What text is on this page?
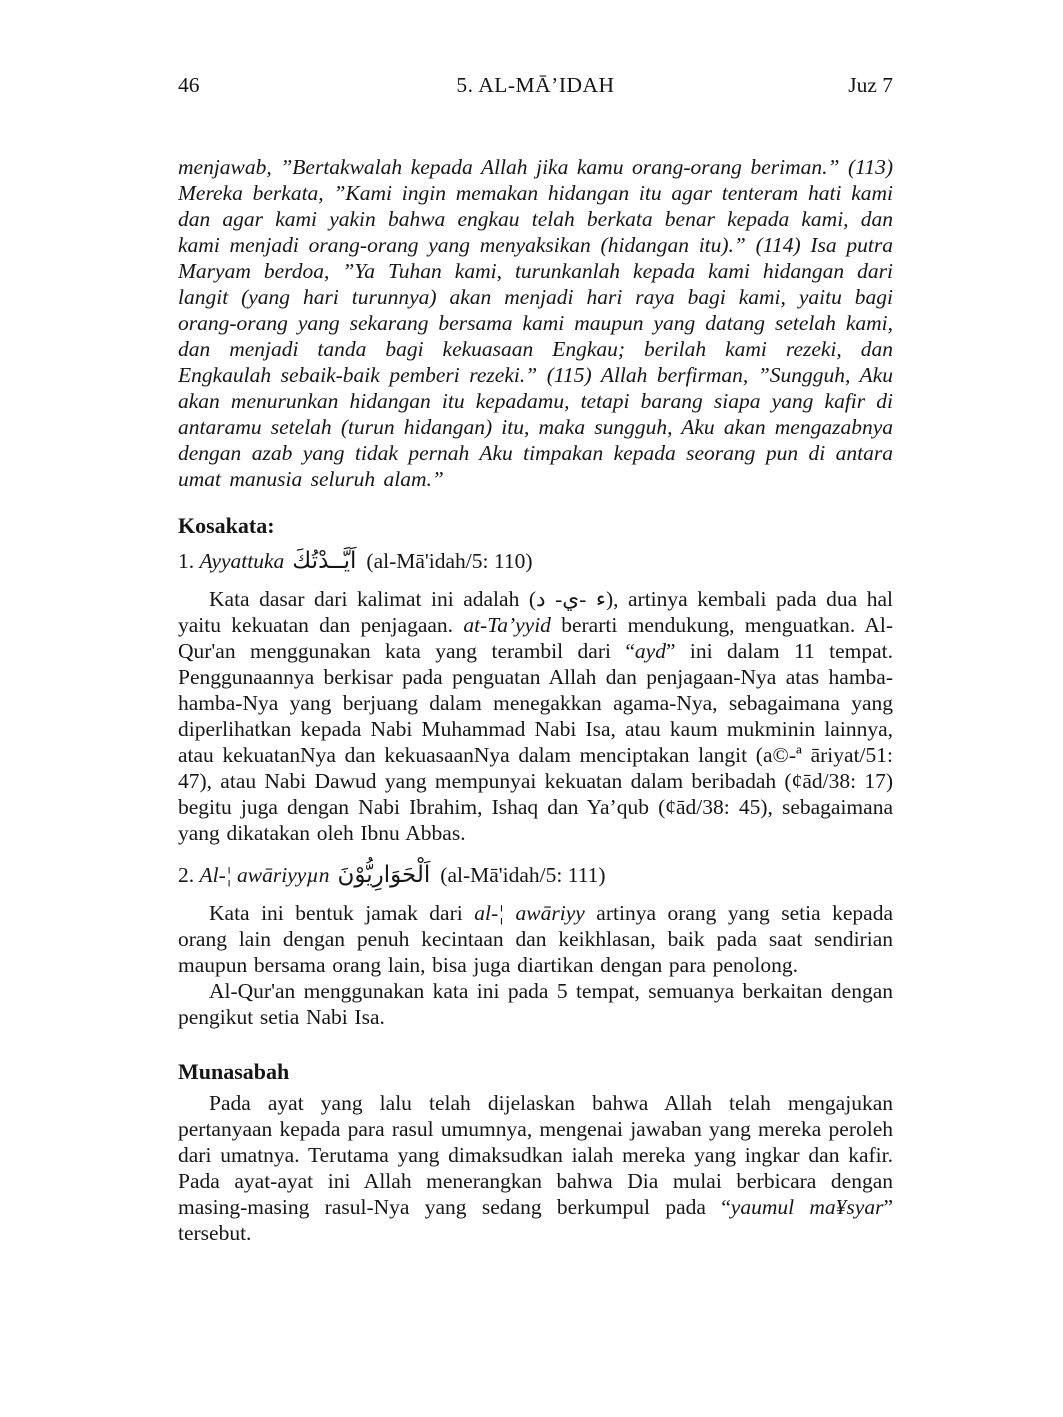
46	5. AL-MĀ’IDAH	Juz 7

menjawab, ”Bertakwalah kepada Allah jika kamu orang-orang beriman.” (113) Mereka berkata, ”Kami ingin memakan hidangan itu agar tenteram hati kami dan agar kami yakin bahwa engkau telah berkata benar kepada kami, dan kami menjadi orang-orang yang menyaksikan (hidangan itu).” (114) Isa putra Maryam berdoa, ”Ya Tuhan kami, turunkanlah kepada kami hidangan dari langit (yang hari turunnya) akan menjadi hari raya bagi kami, yaitu bagi orang-orang yang sekarang bersama kami maupun yang datang setelah kami, dan menjadi tanda bagi kekuasaan Engkau; berilah kami rezeki, dan Engkaulah sebaik-baik pemberi rezeki.” (115) Allah berfirman, ”Sungguh, Aku akan menurunkan hidangan itu kepadamu, tetapi barang siapa yang kafir di antaramu setelah (turun hidangan) itu, maka sungguh, Aku akan mengazabnya dengan azab yang tidak pernah Aku timpakan kepada seorang pun di antara umat manusia seluruh alam.”

Kosakata:

1. Ayyattuka اَيَّــدْتُكَ (al-Mā'idah/5: 110)

Kata dasar dari kalimat ini adalah (ء -ي- د), artinya kembali pada dua hal yaitu kekuatan dan penjagaan. at-Ta’yyid berarti mendukung, menguatkan. Al-Qur'an menggunakan kata yang terambil dari “ayd” ini dalam 11 tempat. Penggunaannya berkisar pada penguatan Allah dan penjagaan-Nya atas hamba-hamba-Nya yang berjuang dalam menegakkan agama-Nya, sebagaimana yang diperlihatkan kepada Nabi Muhammad Nabi Isa, atau kaum mukminin lainnya, atau kekuatanNya dan kekuasaanNya dalam menciptakan langit (a©-ª āriyat/51: 47), atau Nabi Dawud yang mempunyai kekuatan dalam beribadah (¢ād/38: 17) begitu juga dengan Nabi Ibrahim, Ishaq dan Ya’qub (¢ād/38: 45), sebagaimana yang dikatakan oleh Ibnu Abbas.

2. Al-¦ awāriyyµn اَلْحَوَارِيُّوْنَ (al-Mā'idah/5: 111)

Kata ini bentuk jamak dari al-¦ awāriyy artinya orang yang setia kepada orang lain dengan penuh kecintaan dan keikhlasan, baik pada saat sendirian maupun bersama orang lain, bisa juga diartikan dengan para penolong.

Al-Qur'an menggunakan kata ini pada 5 tempat, semuanya berkaitan dengan pengikut setia Nabi Isa.

Munasabah

Pada ayat yang lalu telah dijelaskan bahwa Allah telah mengajukan pertanyaan kepada para rasul umumnya, mengenai jawaban yang mereka peroleh dari umatnya. Terutama yang dimaksudkan ialah mereka yang ingkar dan kafir. Pada ayat-ayat ini Allah menerangkan bahwa Dia mulai berbicara dengan masing-masing rasul-Nya yang sedang berkumpul pada “yaumul ma¥syar” tersebut.
